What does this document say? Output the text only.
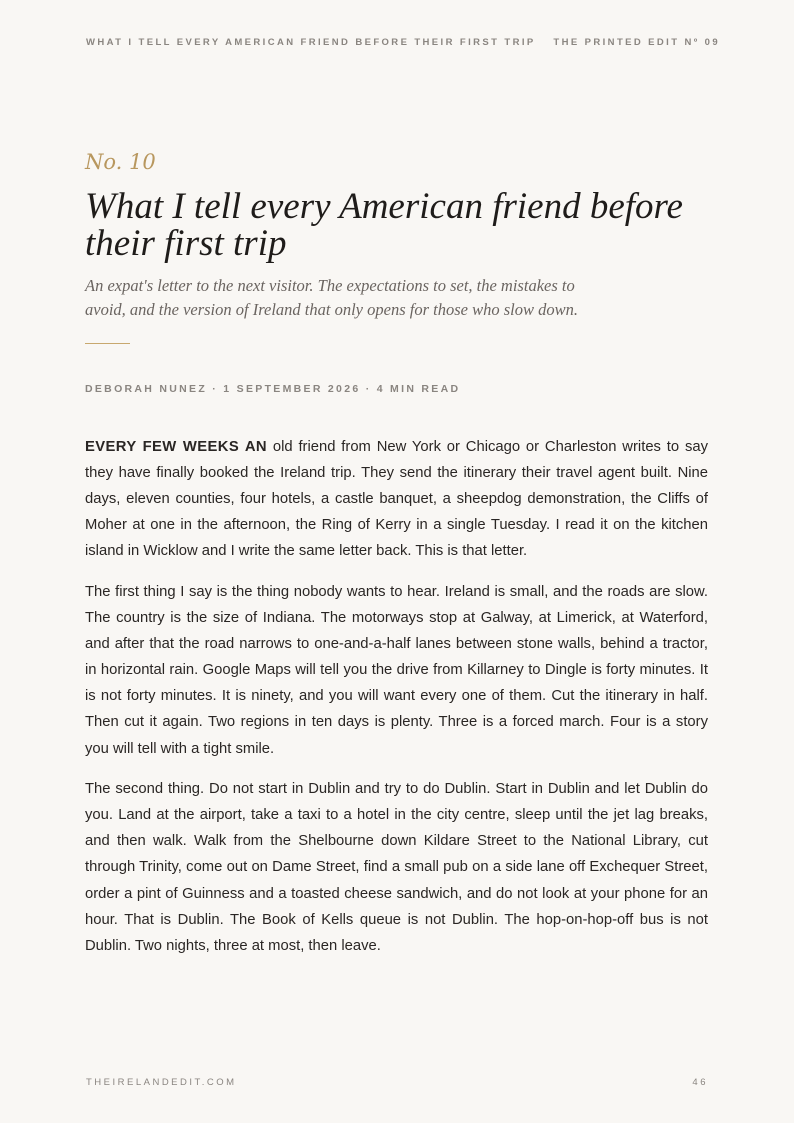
WHAT I TELL EVERY AMERICAN FRIEND BEFORE THEIR FIRST TRIP THE PRINTED EDIT Nº 09
No. 10
What I tell every American friend before their first trip

An expat's letter to the next visitor. The expectations to set, the mistakes to avoid, and the version of Ireland that only opens for those who slow down.

DEBORAH NUNEZ · 1 SEPTEMBER 2026 · 4 MIN READ

EVERY FEW WEEKS AN old friend from New York or Chicago or Charleston writes to say they have finally booked the Ireland trip. They send the itinerary their travel agent built. Nine days, eleven counties, four hotels, a castle banquet, a sheepdog demonstration, the Cliffs of Moher at one in the afternoon, the Ring of Kerry in a single Tuesday. I read it on the kitchen island in Wicklow and I write the same letter back. This is that letter.

The first thing I say is the thing nobody wants to hear. Ireland is small, and the roads are slow. The country is the size of Indiana. The motorways stop at Galway, at Limerick, at Waterford, and after that the road narrows to one-and-a-half lanes between stone walls, behind a tractor, in horizontal rain. Google Maps will tell you the drive from Killarney to Dingle is forty minutes. It is not forty minutes. It is ninety, and you will want every one of them. Cut the itinerary in half. Then cut it again. Two regions in ten days is plenty. Three is a forced march. Four is a story you will tell with a tight smile.

The second thing. Do not start in Dublin and try to do Dublin. Start in Dublin and let Dublin do you. Land at the airport, take a taxi to a hotel in the city centre, sleep until the jet lag breaks, and then walk. Walk from the Shelbourne down Kildare Street to the National Library, cut through Trinity, come out on Dame Street, find a small pub on a side lane off Exchequer Street, order a pint of Guinness and a toasted cheese sandwich, and do not look at your phone for an hour. That is Dublin. The Book of Kells queue is not Dublin. The hop-on-hop-off bus is not Dublin. Two nights, three at most, then leave.

THEIRELANDEDIT.COM	46
